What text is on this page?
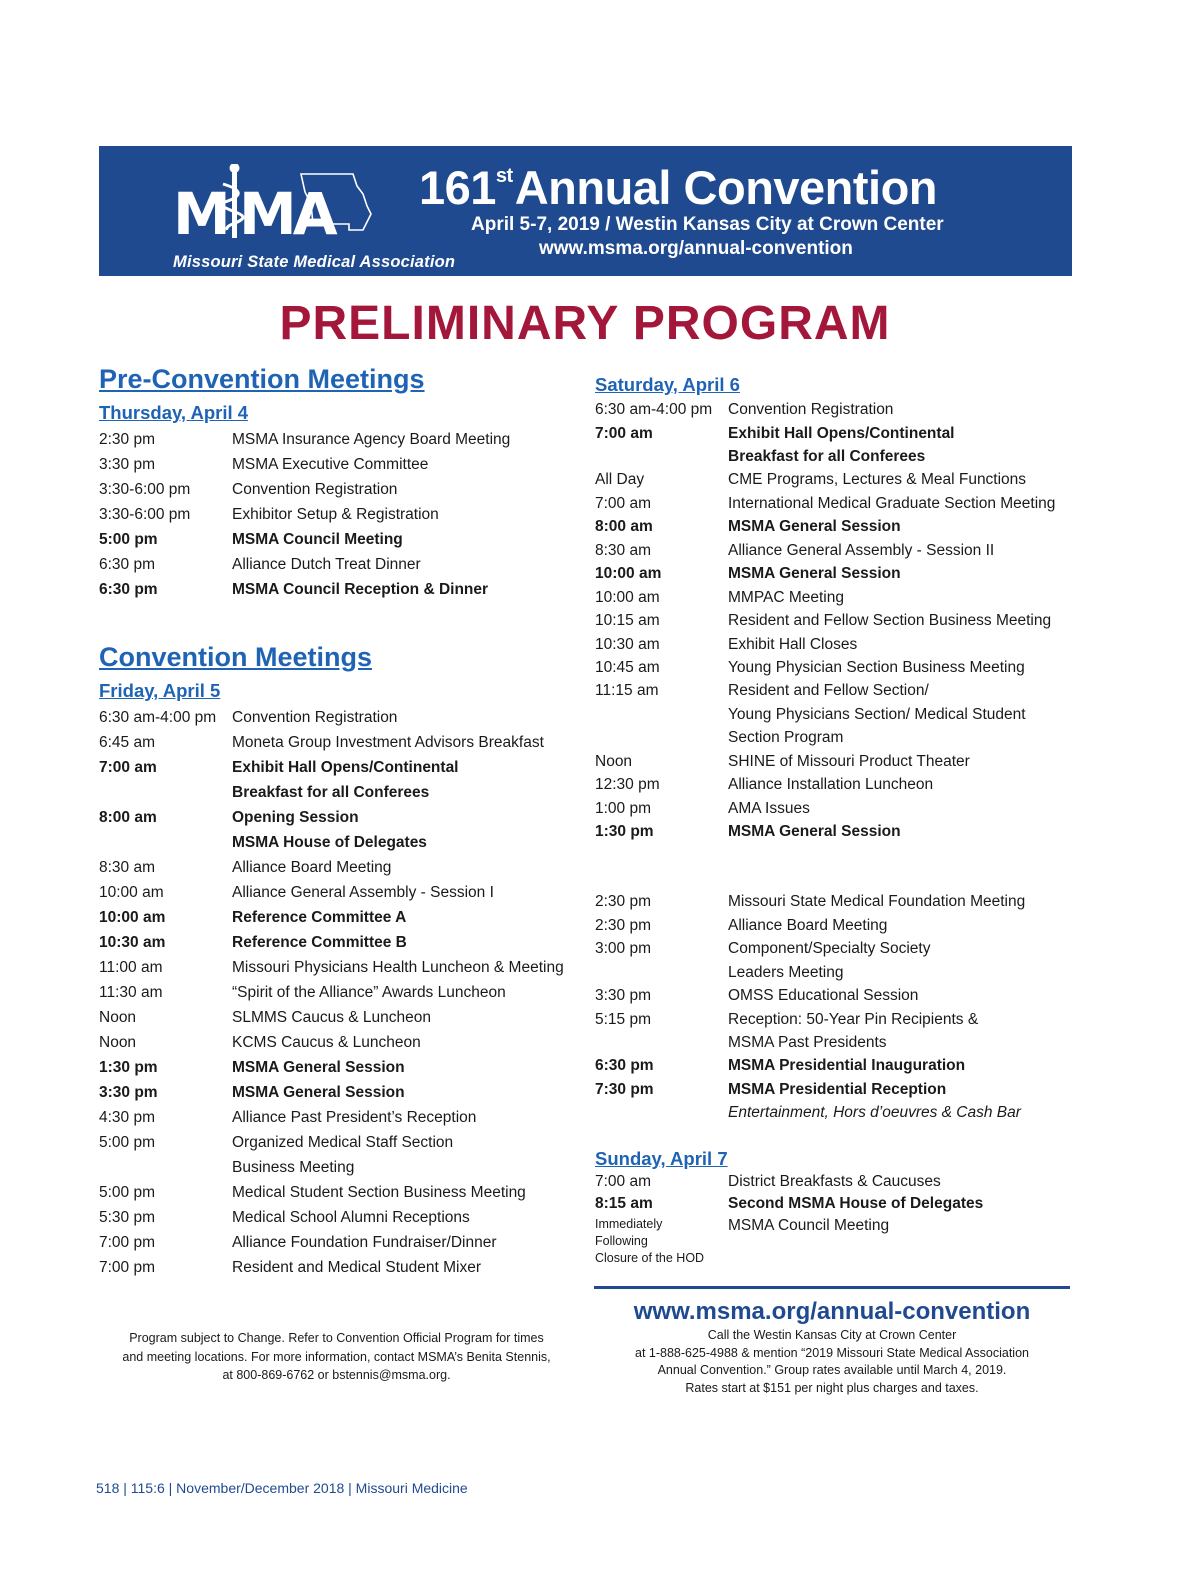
M MA
Missouri State Medical Association
161stAnnual Convention
April 5-7, 2019 / Westin Kansas City at Crown Center
www.msma.org/annual-convention
PRELIMINARY PROGRAM
Pre-Convention Meetings
Thursday, April 4
2:30 pm	MSMA Insurance Agency Board Meeting
3:30 pm	MSMA Executive Committee
3:30-6:00 pm	Convention Registration
3:30-6:00 pm	Exhibitor Setup & Registration
5:00 pm	MSMA Council Meeting
6:30 pm	Alliance Dutch Treat Dinner
6:30 pm	MSMA Council Reception & Dinner
Convention Meetings
Friday, April 5
6:30 am-4:00 pm Convention Registration
6:45 am	Moneta Group Investment Advisors Breakfast
7:00 am	Exhibit Hall Opens/Continental
Breakfast for all Conferees
8:00 am	Opening Session
MSMA House of Delegates
8:30 am	Alliance Board Meeting
10:00 am	Alliance General Assembly - Session I
10:00 am	Reference Committee A
10:30 am	Reference Committee B
11:00 am	Missouri Physicians Health Luncheon & Meeting
11:30 am	“Spirit of the Alliance” Awards Luncheon
Noon	SLMMS Caucus & Luncheon
Noon	KCMS Caucus & Luncheon
1:30 pm	MSMA General Session
3:30 pm	MSMA General Session
4:30 pm	Alliance Past President’s Reception
5:00 pm	Organized Medical Staff Section
Business Meeting
5:00 pm	Medical Student Section Business Meeting
5:30 pm	Medical School Alumni Receptions
7:00 pm	Alliance Foundation Fundraiser/Dinner
7:00 pm	Resident and Medical Student Mixer
Saturday, April 6
6:30 am-4:00 pm Convention Registration
7:00 am	Exhibit Hall Opens/Continental
Breakfast for all Conferees
All Day	CME Programs, Lectures & Meal Functions
7:00 am	International Medical Graduate Section Meeting
8:00 am	MSMA General Session
8:30 am	Alliance General Assembly - Session II
10:00 am	MSMA General Session
10:00 am	MMPAC Meeting
10:15 am	Resident and Fellow Section Business Meeting
10:30 am	Exhibit Hall Closes
10:45 am	Young Physician Section Business Meeting
11:15 am	Resident and Fellow Section/
Young Physicians Section/ Medical Student
Section Program
Noon	SHINE of Missouri Product Theater
12:30 pm	Alliance Installation Luncheon
1:00 pm	AMA Issues
1:30 pm	MSMA General Session
2:30 pm	Missouri State Medical Foundation Meeting
2:30 pm	Alliance Board Meeting
3:00 pm	Component/Specialty Society
Leaders Meeting
3:30 pm	OMSS Educational Session
5:15 pm	Reception: 50-Year Pin Recipients &
MSMA Past Presidents
6:30 pm	MSMA Presidential Inauguration
7:30 pm	MSMA Presidential Reception
Entertainment, Hors d’oeuvres & Cash Bar
Sunday, April 7
7:00 am	District Breakfasts & Caucuses
8:15 am	Second MSMA House of Delegates
Immediately	MSMA Council Meeting
Following
Closure of the HOD
www.msma.org/annual-convention
Call the Westin Kansas City at Crown Center
at 1-888-625-4988 & mention “2019 Missouri State Medical Association
Annual Convention.” Group rates available until March 4, 2019.
Rates start at $151 per night plus charges and taxes.
Program subject to Change. Refer to Convention Official Program for times
and meeting locations. For more information, contact MSMA’s Benita Stennis,
at 800-869-6762 or bstennis@msma.org.
518 | 115:6 | November/December 2018 | Missouri Medicine
